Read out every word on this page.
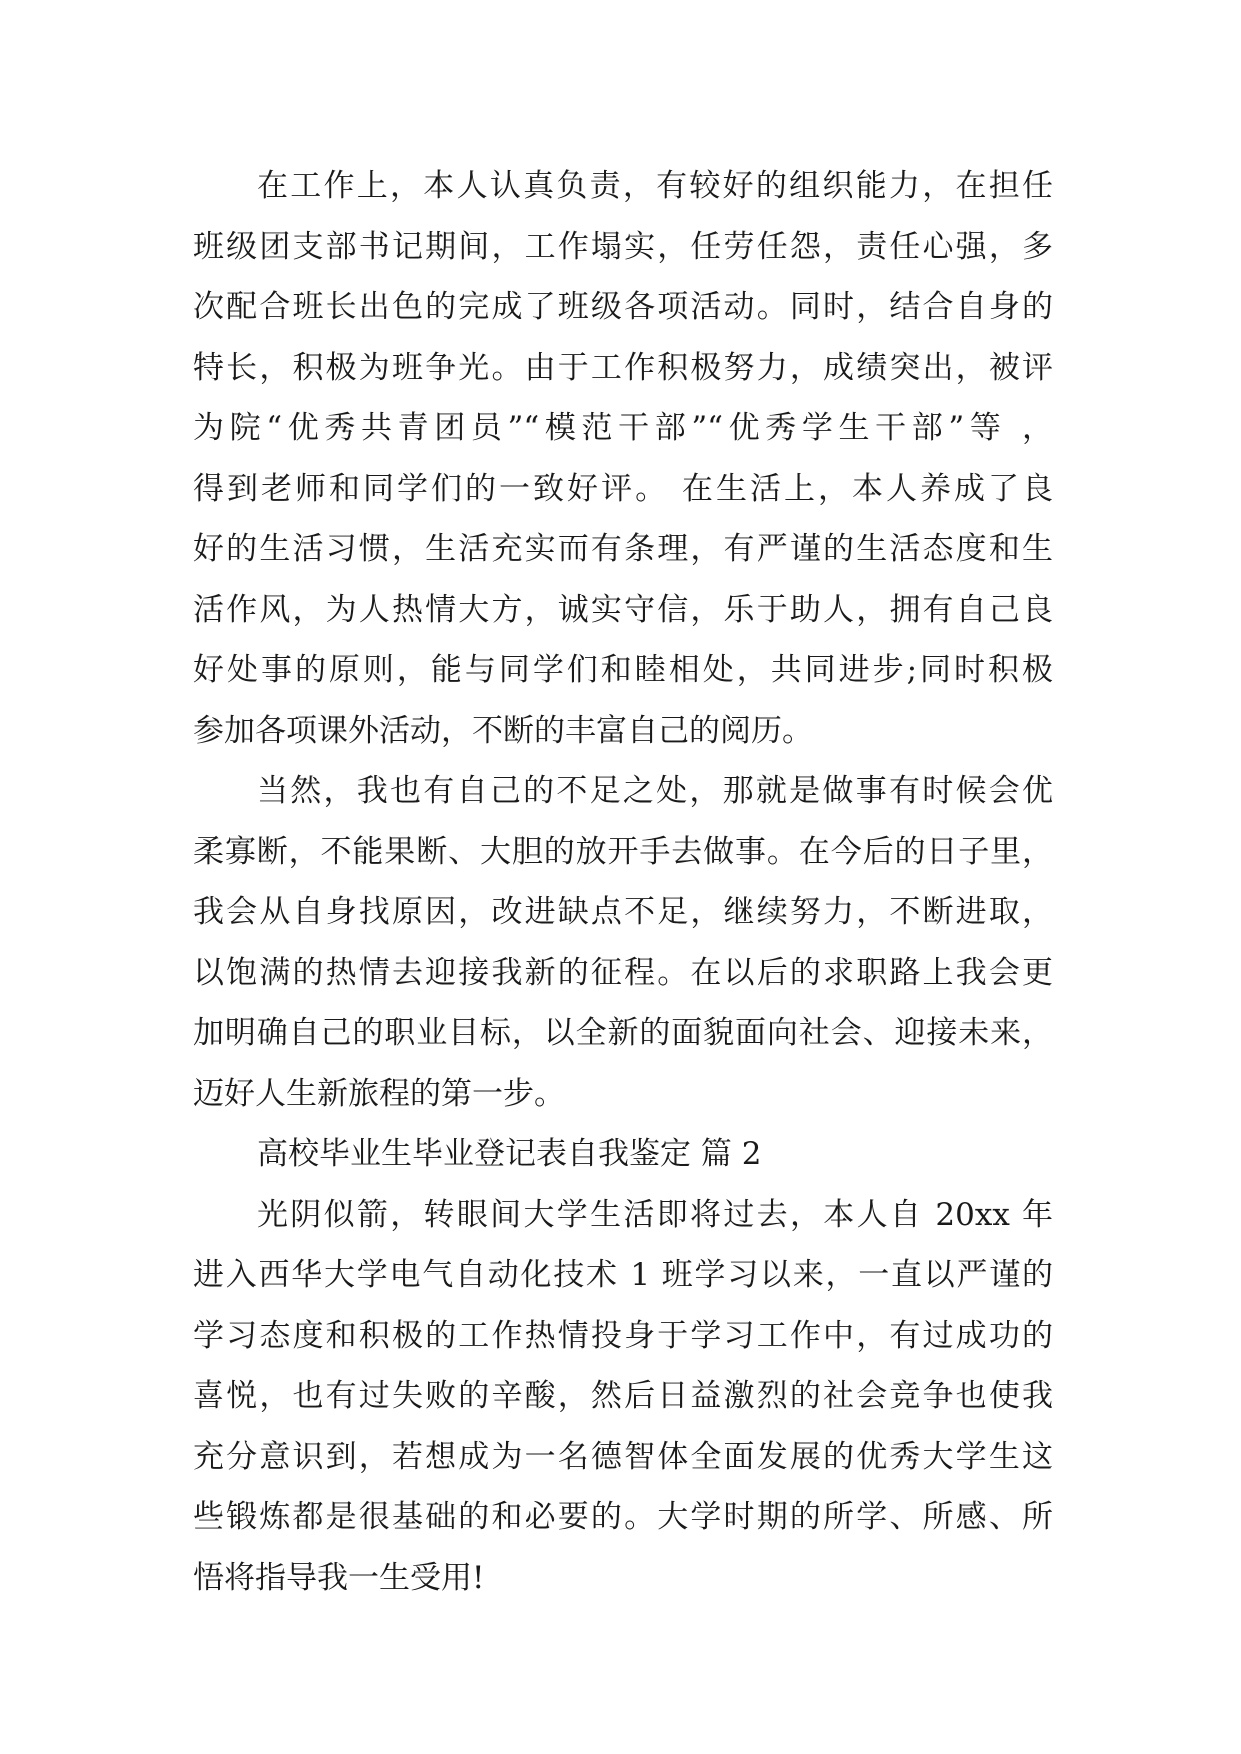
在工作上，本人认真负责，有较好的组织能力，在担任
班级团支部书记期间，工作塌实，任劳任怨，责任心强，多
次配合班长出色的完成了班级各项活动。同时，结合自身的
特长，积极为班争光。由于工作积极努力，成绩突出，被评
为院“优秀共青团员”“模范干部”“优秀学生干部”等 ，
得到老师和同学们的一致好评。 在生活上，本人养成了良
好的生活习惯，生活充实而有条理，有严谨的生活态度和生
活作风，为人热情大方，诚实守信，乐于助人，拥有自己良
好处事的原则，能与同学们和睦相处，共同进步;同时积极
参加各项课外活动，不断的丰富自己的阅历。
当然，我也有自己的不足之处，那就是做事有时候会优
柔寡断，不能果断、大胆的放开手去做事。在今后的日子里，
我会从自身找原因，改进缺点不足，继续努力，不断进取，
以饱满的热情去迎接我新的征程。在以后的求职路上我会更
加明确自己的职业目标，以全新的面貌面向社会、迎接未来，
迈好人生新旅程的第一步。
高校毕业生毕业登记表自我鉴定 篇 2
光阴似箭，转眼间大学生活即将过去，本人自 20xx 年
进入西华大学电气自动化技术 1 班学习以来，一直以严谨的
学习态度和积极的工作热情投身于学习工作中，有过成功的
喜悦，也有过失败的辛酸，然后日益激烈的社会竞争也使我
充分意识到，若想成为一名德智体全面发展的优秀大学生这
些锻炼都是很基础的和必要的。大学时期的所学、所感、所
悟将指导我一生受用!
